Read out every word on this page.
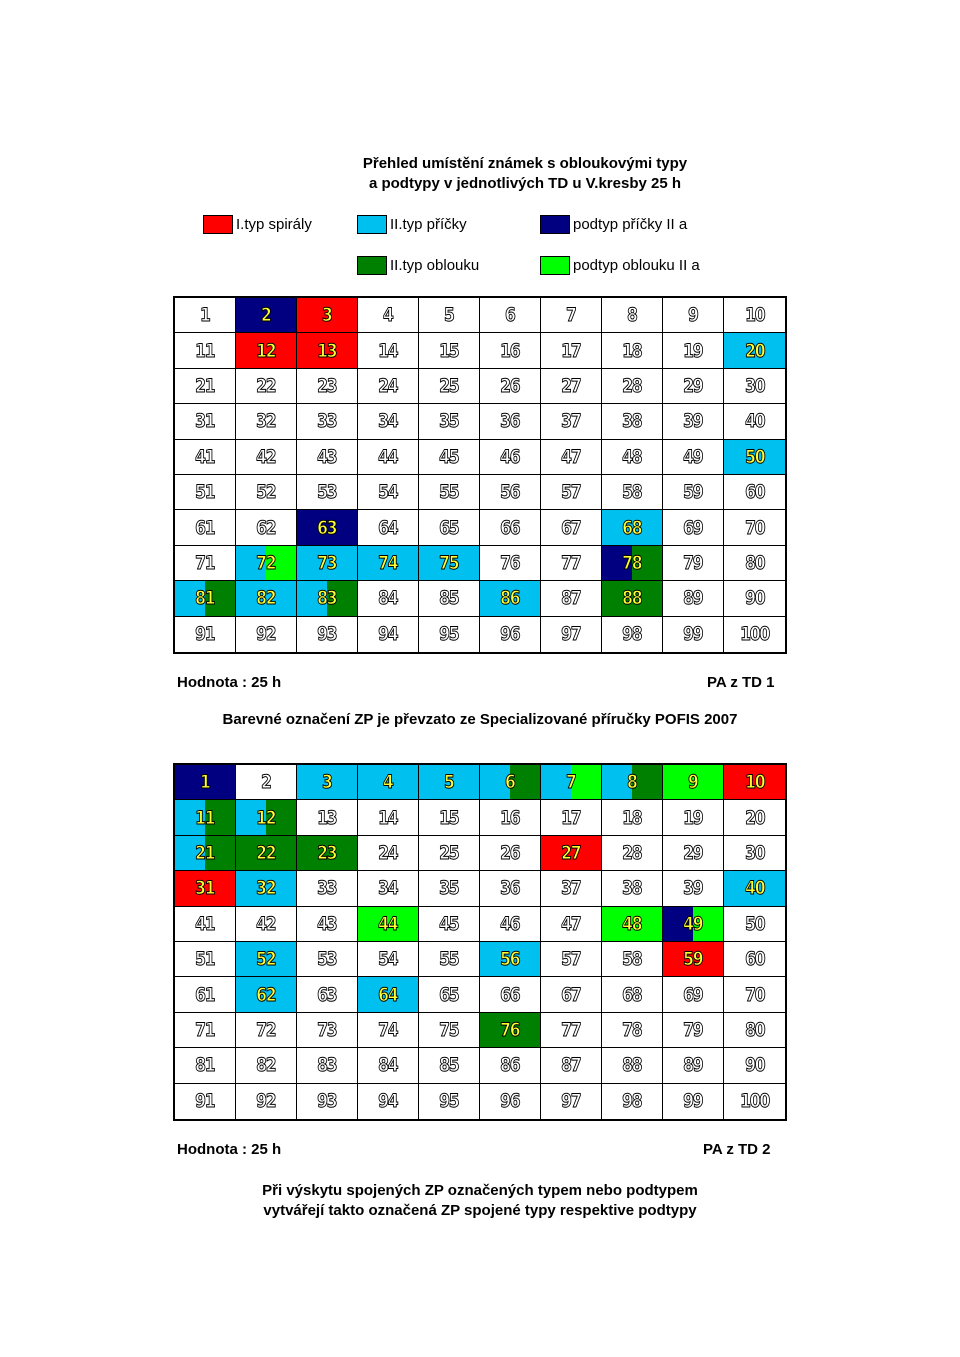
Přehled umístění známek s obloukovými typy
a podtypy v jednotlivých TD u V.kresby 25 h
I.typ spirály	II.typ příčky	podtyp příčky II a
II.typ oblouku	podtyp oblouku II a
1	2	3	4	5	6	7	8	9 10
11 12 13 14 15 16 17 18 19 20
21 22 23 24 25 26 27 28 29 30
31 32 33 34 35 36 37 38 39 40
41 42 43 44 45 46 47 48 49 50
51 52 53 54 55 56 57 58 59 60
61 62 63 64 65 66 67 68 69 70
71 72 73 74 75 76 77 78 79 80
81 82 83 84 85 86 87 88 89 90
91 92 93 94 95 96 97 98 99 100
Hodnota : 25 h	PA z TD 1
Barevné označení ZP je převzato ze Specializované příručky POFIS 2007
1	2	3	4	5	6	7	8	9 10
11 12 13 14 15 16 17 18 19 20
21 22 23 24 25 26 27 28 29 30
31 32 33 34 35 36 37 38 39 40
41 42 43 44 45 46 47 48 49 50
51 52 53 54 55 56 57 58 59 60
61 62 63 64 65 66 67 68 69 70
71 72 73 74 75 76 77 78 79 80
81 82 83 84 85 86 87 88 89 90
91 92 93 94 95 96 97 98 99 100
Hodnota : 25 h	PA z TD 2
Při výskytu spojených ZP označených typem nebo podtypem
vytvářejí takto označená ZP spojené typy respektive podtypy
